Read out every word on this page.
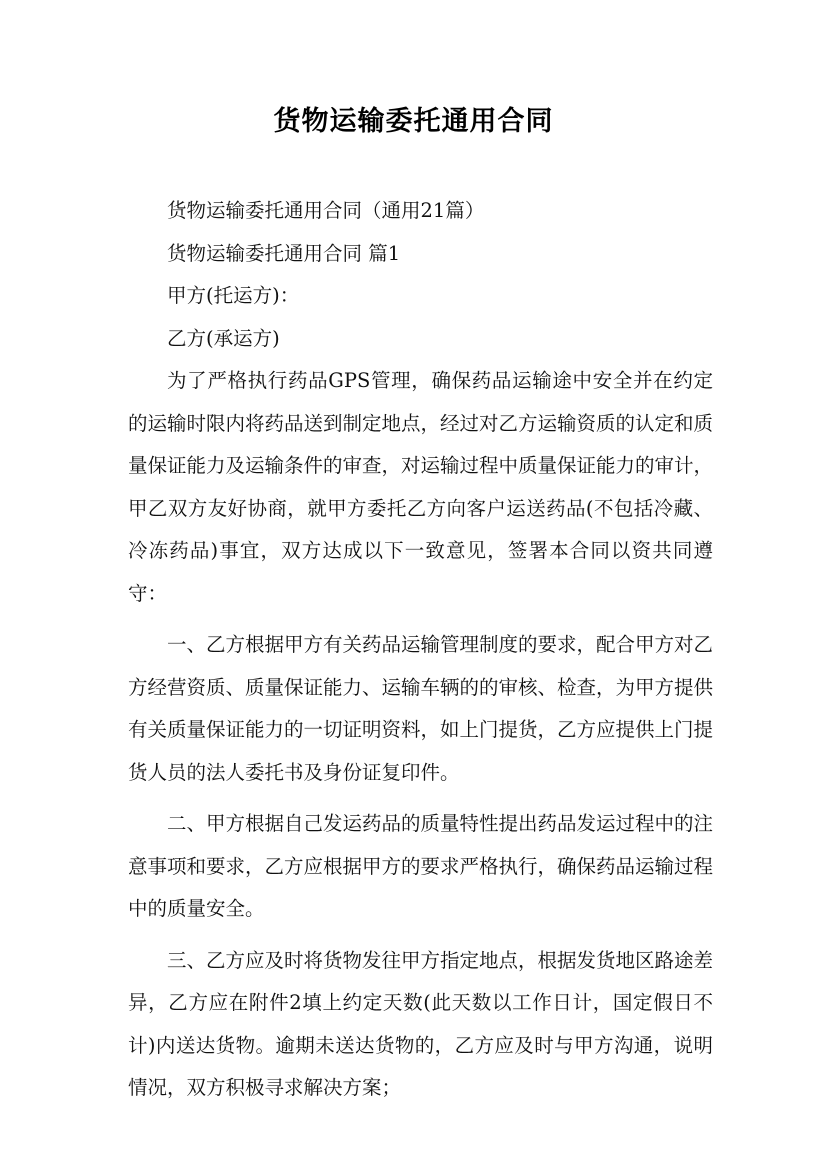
货物运输委托通用合同

货物运输委托通用合同（通用21篇）

货物运输委托通用合同 篇1

甲方(托运方)：

乙方(承运方)

为了严格执行药品GPS管理，确保药品运输途中安全并在约定的运输时限内将药品送到制定地点，经过对乙方运输资质的认定和质量保证能力及运输条件的审查，对运输过程中质量保证能力的审计，甲乙双方友好协商，就甲方委托乙方向客户运送药品(不包括冷藏、冷冻药品)事宜，双方达成以下一致意见，签署本合同以资共同遵守：

一、乙方根据甲方有关药品运输管理制度的要求，配合甲方对乙方经营资质、质量保证能力、运输车辆的的审核、检查，为甲方提供有关质量保证能力的一切证明资料，如上门提货，乙方应提供上门提货人员的法人委托书及身份证复印件。

二、甲方根据自己发运药品的质量特性提出药品发运过程中的注意事项和要求，乙方应根据甲方的要求严格执行，确保药品运输过程中的质量安全。

三、乙方应及时将货物发往甲方指定地点，根据发货地区路途差异，乙方应在附件2填上约定天数(此天数以工作日计，国定假日不计)内送达货物。逾期未送达货物的，乙方应及时与甲方沟通，说明情况，双方积极寻求解决方案；
